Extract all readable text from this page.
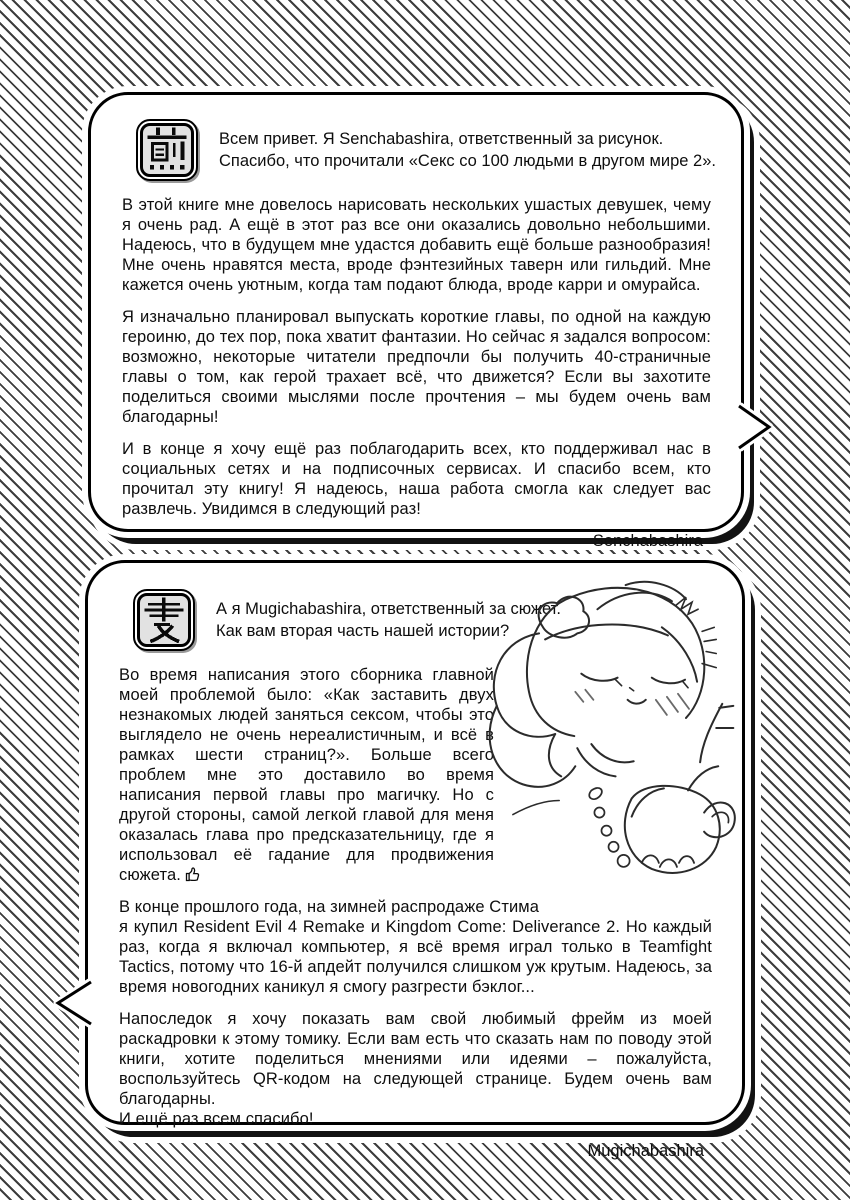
Всем привет. Я Senchabashira, ответственный за рисунок.
Спасибо, что прочитали «Секс со 100 людьми в другом мире 2».

В этой книге мне довелось нарисовать нескольких ушастых девушек, чему я очень рад. А ещё в этот раз все они оказались довольно небольшими. Надеюсь, что в будущем мне удастся добавить ещё больше разнообразия! Мне очень нравятся места, вроде фэнтезийных таверн или гильдий. Мне кажется очень уютным, когда там подают блюда, вроде карри и омурайса.

Я изначально планировал выпускать короткие главы, по одной на каждую героиню, до тех пор, пока хватит фантазии. Но сейчас я задался вопросом: возможно, некоторые читатели предпочли бы получить 40-страничные главы о том, как герой трахает всё, что движется? Если вы захотите поделиться своими мыслями после прочтения – мы будем очень вам благодарны!

И в конце я хочу ещё раз поблагодарить всех, кто поддерживал нас в социальных сетях и на подписочных сервисах. И спасибо всем, кто прочитал эту книгу! Я надеюсь, наша работа смогла как следует вас развлечь. Увидимся в следующий раз!

Senchabashira
А я Mugichabashira, ответственный за сюжет.
Как вам вторая часть нашей истории?

Во время написания этого сборника главной моей проблемой было: «Как заставить двух незнакомых людей заняться сексом, чтобы это выглядело не очень нереалистичным, и всё в рамках шести страниц?». Больше всего проблем мне это доставило во время написания первой главы про магичку. Но с другой стороны, самой легкой главой для меня оказалась глава про предсказательницу, где я использовал её гадание для продвижения сюжета.

В конце прошлого года, на зимней распродаже Стима
я купил Resident Evil 4 Remake и Kingdom Come: Deliverance 2. Но каждый раз, когда я включал компьютер, я всё время играл только в Teamfight Tactics, потому что 16-й апдейт получился слишком уж крутым. Надеюсь, за время новогодних каникул я смогу разгрести бэклог...

Напоследок я хочу показать вам свой любимый фрейм из моей раскадровки к этому томику. Если вам есть что сказать нам по поводу этой книги, хотите поделиться мнениями или идеями – пожалуйста, воспользуйтесь QR-кодом на следующей странице. Будем очень вам благодарны.
И ещё раз всем спасибо!

Mugichabashira
